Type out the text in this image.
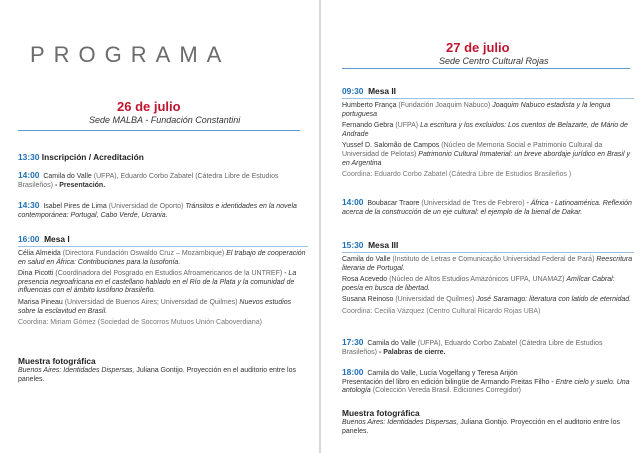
PROGRAMA
26 de julio
Sede MALBA - Fundación Constantini
13:30 Inscripción / Acreditación
14:00 Camila do Valle (UFPA), Eduardo Corbo Zabatel (Cátedra Libre de Estudios Brasileños) - Presentación.
14:30 Isabel Pires de Lima (Universidad de Oporto) Tránsitos e identidades en la novela contemporánea: Portugal, Cabo Verde, Ucrania.
16:00 Mesa I
Célia Almeida (Directora Fundación Oswaldo Cruz – Mozambique) El trabajo de cooperación en salud en África: Contribuciones para la lusofonía.
Dina Picotti (Coordinadora del Posgrado en Estudios Afroamericanos de la UNTREF) - La presencia negroafricana en el castellano hablado en el Río de la Plata y la comunidad de influencias con el ámbito lusófono brasileño.
Marisa Pineau (Universidad de Buenos Aires; Universidad de Quilmes) Nuevos estudios sobre la esclavitud en Brasil.
Coordina: Miriam Gómez (Sociedad de Socorros Mutuos Unión Caboverdiana)
Muestra fotográfica
Buenos Aires: Identidades Dispersas, Juliana Gontijo. Proyección en el auditorio entre los paneles.
27 de julio
Sede Centro Cultural Rojas
09:30 Mesa II
Humberto França (Fundación Joaquim Nabuco) Joaquim Nabuco estadista y la lengua portuguesa
Fernando Gebra (UFPA) La escritura y los excluidos: Los cuentos de Belazarte, de Mário de Andrade
Yussef D. Salomão de Campos (Núcleo de Memoria Social e Patrimonio Cultural da Universidad de Pelotas) Patrimonio Cultural Inmaterial: un breve abordaje jurídico en Brasil y en Argentina
Coordina: Eduardo Corbo Zabatel (Cátedra Libre de Estudios Brasileños )
14:00 Boubacar Traore (Universidad de Tres de Febrero) - África - Latinoamérica. Reflexión acerca de la construcción de un eje cultural: el ejemplo de la bienal de Dakar.
15:30 Mesa III
Camila do Valle (Instituto de Letras e Comunicação Universidad Federal de Pará) Reescritura literaria de Portugal.
Rosa Acevedo (Núcleo de Altos Estudios Amazónicos UFPA, UNAMAZ) Amílcar Cabral: poesía en busca de libertad.
Susana Reinoso (Universidad de Quilmes) José Saramago: literatura con latido de eternidad.
Coordina: Cecilia Vázquez (Centro Cultural Ricardo Rojas UBA)
17:30 Camila do Valle (UFPA), Eduardo Corbo Zabatel (Cátedra Libre de Estudios Brasileños) - Palabras de cierre.
18:00 Camila do Valle, Lucía Vogelfang y Teresa Arijón
Presentación del libro en edición bilingüe de Armando Freitas Filho - Entre cielo y suelo. Una antología (Colección Vereda Brasil. Ediciones Corregidor)
Muestra fotográfica
Buenos Aires: Identidades Dispersas, Juliana Gontijo. Proyección en el auditorio entre los paneles.
